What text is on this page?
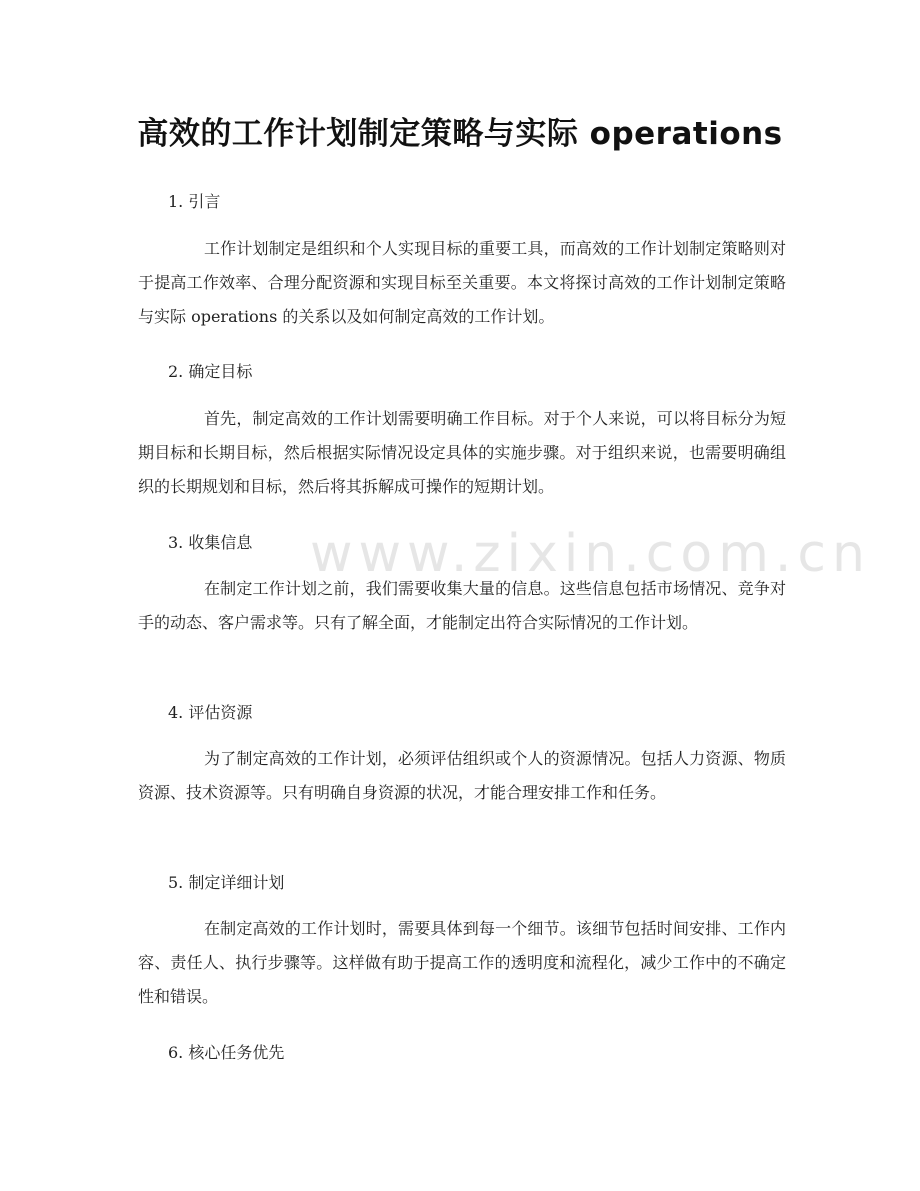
www.zixin.com.cn
高效的工作计划制定策略与实际 operations
1. 引言
工作计划制定是组织和个人实现目标的重要工具，而高效的工作计划制定策略则对于提高工作效率、合理分配资源和实现目标至关重要。本文将探讨高效的工作计划制定策略与实际 operations 的关系以及如何制定高效的工作计划。
2. 确定目标
首先，制定高效的工作计划需要明确工作目标。对于个人来说，可以将目标分为短期目标和长期目标，然后根据实际情况设定具体的实施步骤。对于组织来说，也需要明确组织的长期规划和目标，然后将其拆解成可操作的短期计划。
3. 收集信息
在制定工作计划之前，我们需要收集大量的信息。这些信息包括市场情况、竞争对手的动态、客户需求等。只有了解全面，才能制定出符合实际情况的工作计划。
4. 评估资源
为了制定高效的工作计划，必须评估组织或个人的资源情况。包括人力资源、物质资源、技术资源等。只有明确自身资源的状况，才能合理安排工作和任务。
5. 制定详细计划
在制定高效的工作计划时，需要具体到每一个细节。该细节包括时间安排、工作内容、责任人、执行步骤等。这样做有助于提高工作的透明度和流程化，减少工作中的不确定性和错误。
6. 核心任务优先
